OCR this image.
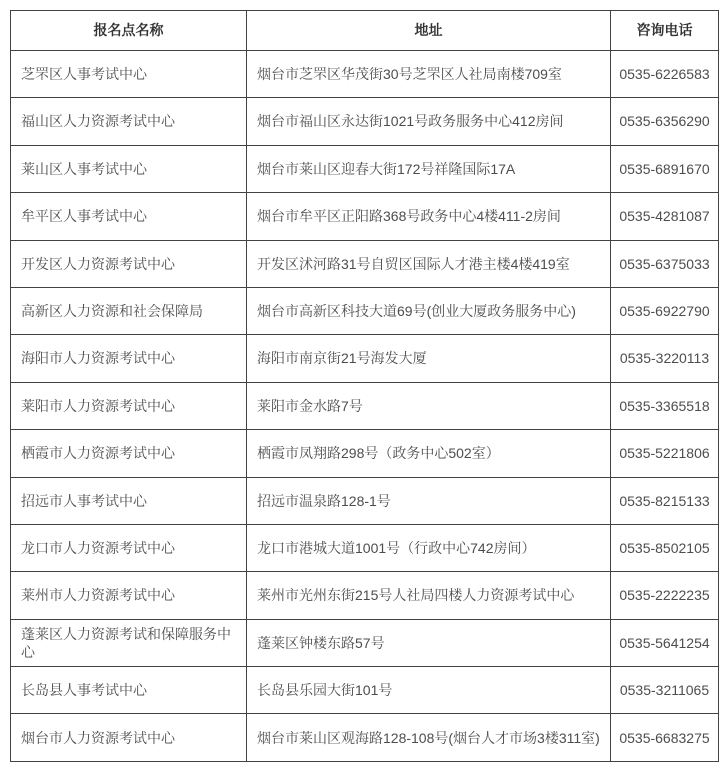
报名点名称	地址	咨询电话
芝罘区人事考试中心	烟台市芝罘区华茂街30号芝罘区人社局南楼709室	0535-6226583
福山区人力资源考试中心	烟台市福山区永达街1021号政务服务中心412房间	0535-6356290
莱山区人事考试中心	烟台市莱山区迎春大街172号祥隆国际17A	0535-6891670
牟平区人事考试中心	烟台市牟平区正阳路368号政务中心4楼411-2房间	0535-4281087
开发区人力资源考试中心	开发区沭河路31号自贸区国际人才港主楼4楼419室	0535-6375033
高新区人力资源和社会保障局	烟台市高新区科技大道69号(创业大厦政务服务中心)	0535-6922790
海阳市人力资源考试中心	海阳市南京街21号海发大厦	0535-3220113
莱阳市人力资源考试中心	莱阳市金水路7号	0535-3365518
栖霞市人力资源考试中心	栖霞市凤翔路298号（政务中心502室）	0535-5221806
招远市人事考试中心	招远市温泉路128-1号	0535-8215133
龙口市人力资源考试中心	龙口市港城大道1001号（行政中心742房间）	0535-8502105
莱州市人力资源考试中心	莱州市光州东街215号人社局四楼人力资源考试中心	0535-2222235
蓬莱区人力资源考试和保障服务中心	蓬莱区钟楼东路57号	0535-5641254
长岛县人事考试中心	长岛县乐园大街101号	0535-3211065
烟台市人力资源考试中心	烟台市莱山区观海路128-108号(烟台人才市场3楼311室)	0535-6683275
